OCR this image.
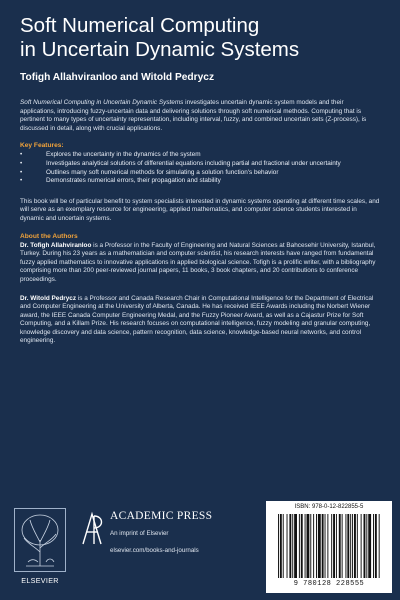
Soft Numerical Computing
in Uncertain Dynamic Systems
Tofigh Allahviranloo and Witold Pedrycz
Soft Numerical Computing in Uncertain Dynamic Systems investigates uncertain dynamic system models and their applications, introducing fuzzy-uncertain data and delivering solutions through soft numerical methods. Computing that is pertinent to many types of uncertainty representation, including interval, fuzzy, and combined uncertain sets (Z-process), is discussed in detail, along with crucial applications.
Key Features:
• Explores the uncertainty in the dynamics of the system
• Investigates analytical solutions of differential equations including partial and fractional under uncertainty
• Outlines many soft numerical methods for simulating a solution function's behavior
• Demonstrates numerical errors, their propagation and stability
This book will be of particular benefit to system specialists interested in dynamic systems operating at different time scales, and will serve as an exemplary resource for engineering, applied mathematics, and computer science students interested in dynamic and uncertain systems.
About the Authors
Dr. Tofigh Allahviranloo is a Professor in the Faculty of Engineering and Natural Sciences at Bahcesehir University, Istanbul, Turkey. During his 23 years as a mathematician and computer scientist, his research interests have ranged from fundamental fuzzy applied mathematics to innovative applications in applied biological science. Tofigh is a prolific writer, with a bibliography comprising more than 200 peer-reviewed journal papers, 11 books, 3 book chapters, and 20 contributions to conference proceedings.
Dr. Witold Pedrycz is a Professor and Canada Research Chair in Computational Intelligence for the Department of Electrical and Computer Engineering at the University of Alberta, Canada. He has received IEEE Awards including the Norbert Wiener award, the IEEE Canada Computer Engineering Medal, and the Fuzzy Pioneer Award, as well as a Cajastur Prize for Soft Computing, and a Killam Prize. His research focuses on computational intelligence, fuzzy modeling and granular computing, knowledge discovery and data science, pattern recognition, data science, knowledge-based neural networks, and control engineering.
ELSEVIER
ACADEMIC PRESS
An imprint of Elsevier
elsevier.com/books-and-journals
ISBN: 978-0-12-822855-5
9 780128 228555
